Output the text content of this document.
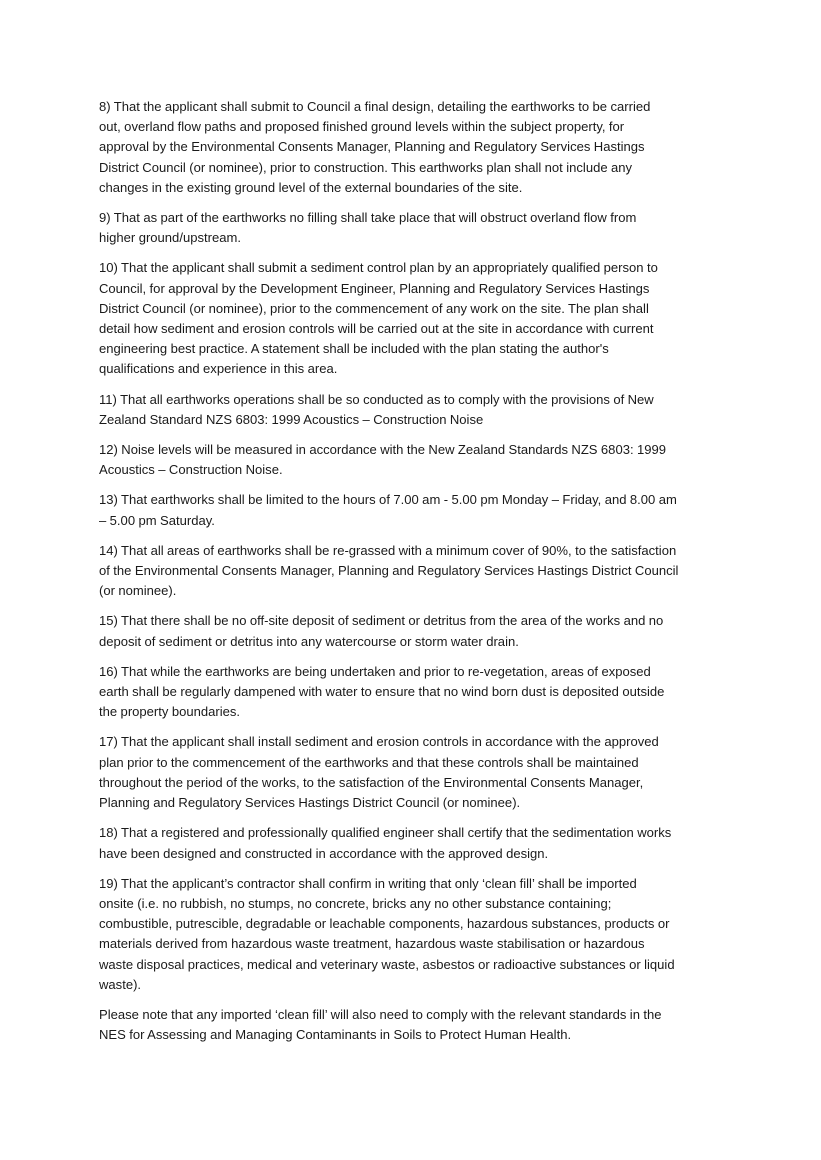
8) That the applicant shall submit to Council a final design, detailing the earthworks to be carried
out, overland flow paths and proposed finished ground levels within the subject property, for
approval by the Environmental Consents Manager, Planning and Regulatory Services Hastings
District Council (or nominee), prior to construction. This earthworks plan shall not include any
changes in the existing ground level of the external boundaries of the site.

9) That as part of the earthworks no filling shall take place that will obstruct overland flow from
higher ground/upstream.

10) That the applicant shall submit a sediment control plan by an appropriately qualified person to
Council, for approval by the Development Engineer, Planning and Regulatory Services Hastings
District Council (or nominee), prior to the commencement of any work on the site. The plan shall
detail how sediment and erosion controls will be carried out at the site in accordance with current
engineering best practice. A statement shall be included with the plan stating the author's
qualifications and experience in this area.

11) That all earthworks operations shall be so conducted as to comply with the provisions of New
Zealand Standard NZS 6803: 1999 Acoustics – Construction Noise

12) Noise levels will be measured in accordance with the New Zealand Standards NZS 6803: 1999
Acoustics – Construction Noise.

13) That earthworks shall be limited to the hours of 7.00 am - 5.00 pm Monday – Friday, and 8.00 am
– 5.00 pm Saturday.

14) That all areas of earthworks shall be re-grassed with a minimum cover of 90%, to the satisfaction
of the Environmental Consents Manager, Planning and Regulatory Services Hastings District Council
(or nominee).

15) That there shall be no off-site deposit of sediment or detritus from the area of the works and no
deposit of sediment or detritus into any watercourse or storm water drain.

16) That while the earthworks are being undertaken and prior to re-vegetation, areas of exposed
earth shall be regularly dampened with water to ensure that no wind born dust is deposited outside
the property boundaries.

17) That the applicant shall install sediment and erosion controls in accordance with the approved
plan prior to the commencement of the earthworks and that these controls shall be maintained
throughout the period of the works, to the satisfaction of the Environmental Consents Manager,
Planning and Regulatory Services Hastings District Council (or nominee).

18) That a registered and professionally qualified engineer shall certify that the sedimentation works
have been designed and constructed in accordance with the approved design.

19) That the applicant’s contractor shall confirm in writing that only ‘clean fill’ shall be imported
onsite (i.e. no rubbish, no stumps, no concrete, bricks any no other substance containing;
combustible, putrescible, degradable or leachable components, hazardous substances, products or
materials derived from hazardous waste treatment, hazardous waste stabilisation or hazardous
waste disposal practices, medical and veterinary waste, asbestos or radioactive substances or liquid
waste).

Please note that any imported ‘clean fill’ will also need to comply with the relevant standards in the
NES for Assessing and Managing Contaminants in Soils to Protect Human Health.
